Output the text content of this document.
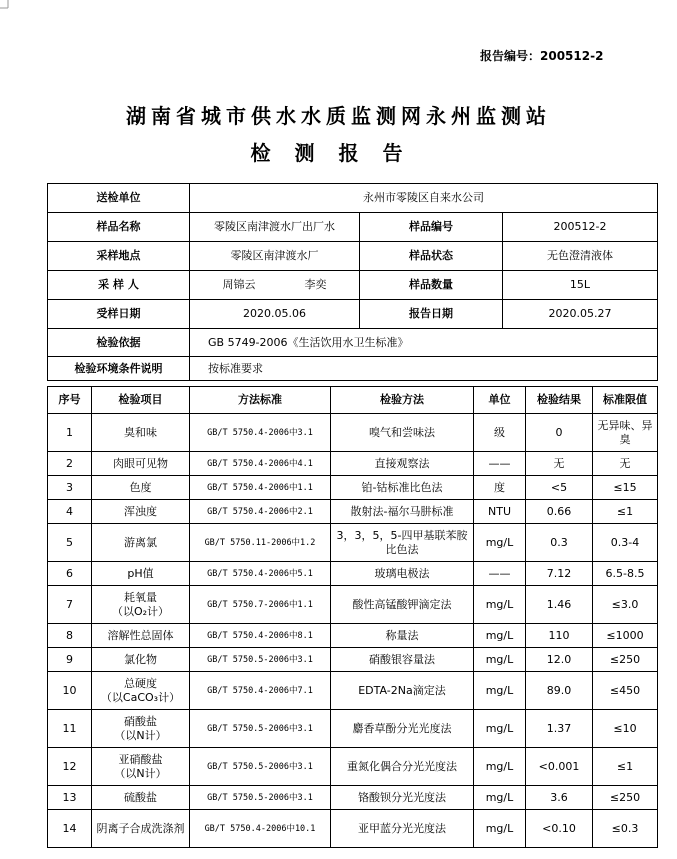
报告编号：200512-2
湖南省城市供水水质监测网永州监测站
检测报告
送检单位	永州市零陵区自来水公司		
样品名称	零陵区南津渡水厂出厂水	样品编号	200512-2
采样地点	零陵区南津渡水厂	样品状态	无色澄清液体
采 样 人	周锦云 李奕	样品数量	15L
受样日期	2020.05.06	报告日期	2020.05.27
检验依据	GB 5749-2006《生活饮用水卫生标准》		
检验环境条件说明	按标准要求		
序号	检验项目	方法标准	检验方法	单位	检验结果	标准限值
1	臭和味	GB/T 5750.4-2006中3.1	嗅气和尝味法	级	0	无异味、异臭
2	肉眼可见物	GB/T 5750.4-2006中4.1	直接观察法	——	无	无
3	色度	GB/T 5750.4-2006中1.1	铂-钴标准比色法	度	<5	≤15
4	浑浊度	GB/T 5750.4-2006中2.1	散射法-福尔马肼标准	NTU	0.66	≤1
5	游离氯	GB/T 5750.11-2006中1.2	3，3，5，5-四甲基联苯胺比色法	mg/L	0.3	0.3-4
6	pH值	GB/T 5750.4-2006中5.1	玻璃电极法	——	7.12	6.5-8.5
7	耗氧量
（以O₂计）	GB/T 5750.7-2006中1.1	酸性高锰酸钾滴定法	mg/L	1.46	≤3.0
8	溶解性总固体	GB/T 5750.4-2006中8.1	称量法	mg/L	110	≤1000
9	氯化物	GB/T 5750.5-2006中3.1	硝酸银容量法	mg/L	12.0	≤250
10	总硬度
（以CaCO₃计）	GB/T 5750.4-2006中7.1	EDTA-2Na滴定法	mg/L	89.0	≤450
11	硝酸盐
（以N计）	GB/T 5750.5-2006中3.1	麝香草酚分光光度法	mg/L	1.37	≤10
12	亚硝酸盐
（以N计）	GB/T 5750.5-2006中3.1	重氮化偶合分光光度法	mg/L	<0.001	≤1
13	硫酸盐	GB/T 5750.5-2006中3.1	铬酸钡分光光度法	mg/L	3.6	≤250
14	阴离子合成洗涤剂	GB/T 5750.4-2006中10.1	亚甲蓝分光光度法	mg/L	<0.10	≤0.3
